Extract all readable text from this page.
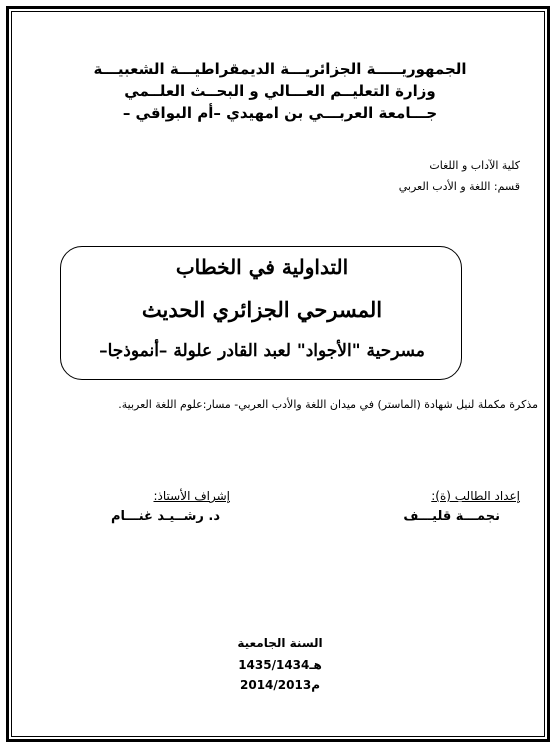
الجمهوريـــــة الجزائريـــة الديمقراطيـــة الشعبيـــة
وزارة التعليــم العـــالي و البحــث العلــمي
جـــامعة العربـــي بن امهيدي –أم البواقي –
كلية الآداب و اللغات
قسم: اللغة و الأدب العربي
التداولية في الخطاب
المسرحي الجزائري الحديث
مسرحية "الأجواد" لعبد القادر علولة –أنموذجا–
مذكرة مكملة لنيل شهادة (الماستر) في ميدان اللغة والأدب العربي- مسار:علوم اللغة العربية.
إعداد الطالب (ة):
نجمـــة قليـــف
إشراف الأستاذ:
د. رشــيـد غنـــام
السنة الجامعية
1435/1434هـ
2014/2013م
